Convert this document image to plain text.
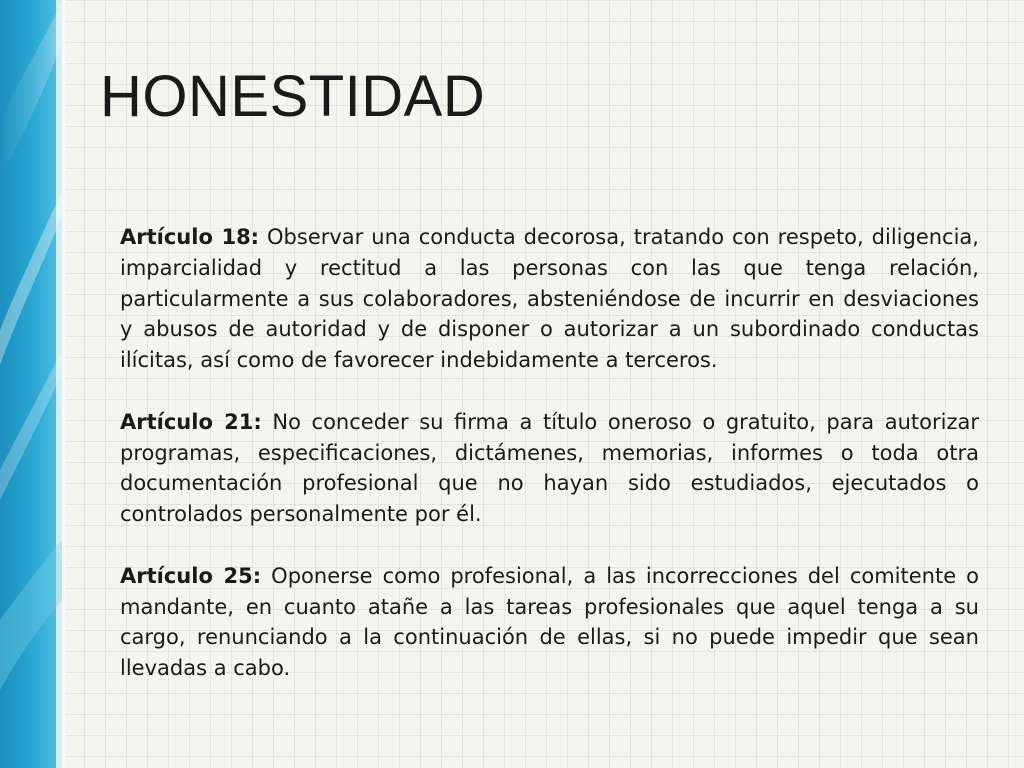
HONESTIDAD

Artículo 18: Observar una conducta decorosa, tratando con respeto, diligencia, imparcialidad y rectitud a las personas con las que tenga relación, particularmente a sus colaboradores, absteniéndose de incurrir en desviaciones y abusos de autoridad y de disponer o autorizar a un subordinado conductas ilícitas, así como de favorecer indebidamente a terceros.

Artículo 21: No conceder su firma a título oneroso o gratuito, para autorizar programas, especificaciones, dictámenes, memorias, informes o toda otra documentación profesional que no hayan sido estudiados, ejecutados o controlados personalmente por él.

Artículo 25: Oponerse como profesional, a las incorrecciones del comitente o mandante, en cuanto atañe a las tareas profesionales que aquel tenga a su cargo, renunciando a la continuación de ellas, si no puede impedir que sean llevadas a cabo.
